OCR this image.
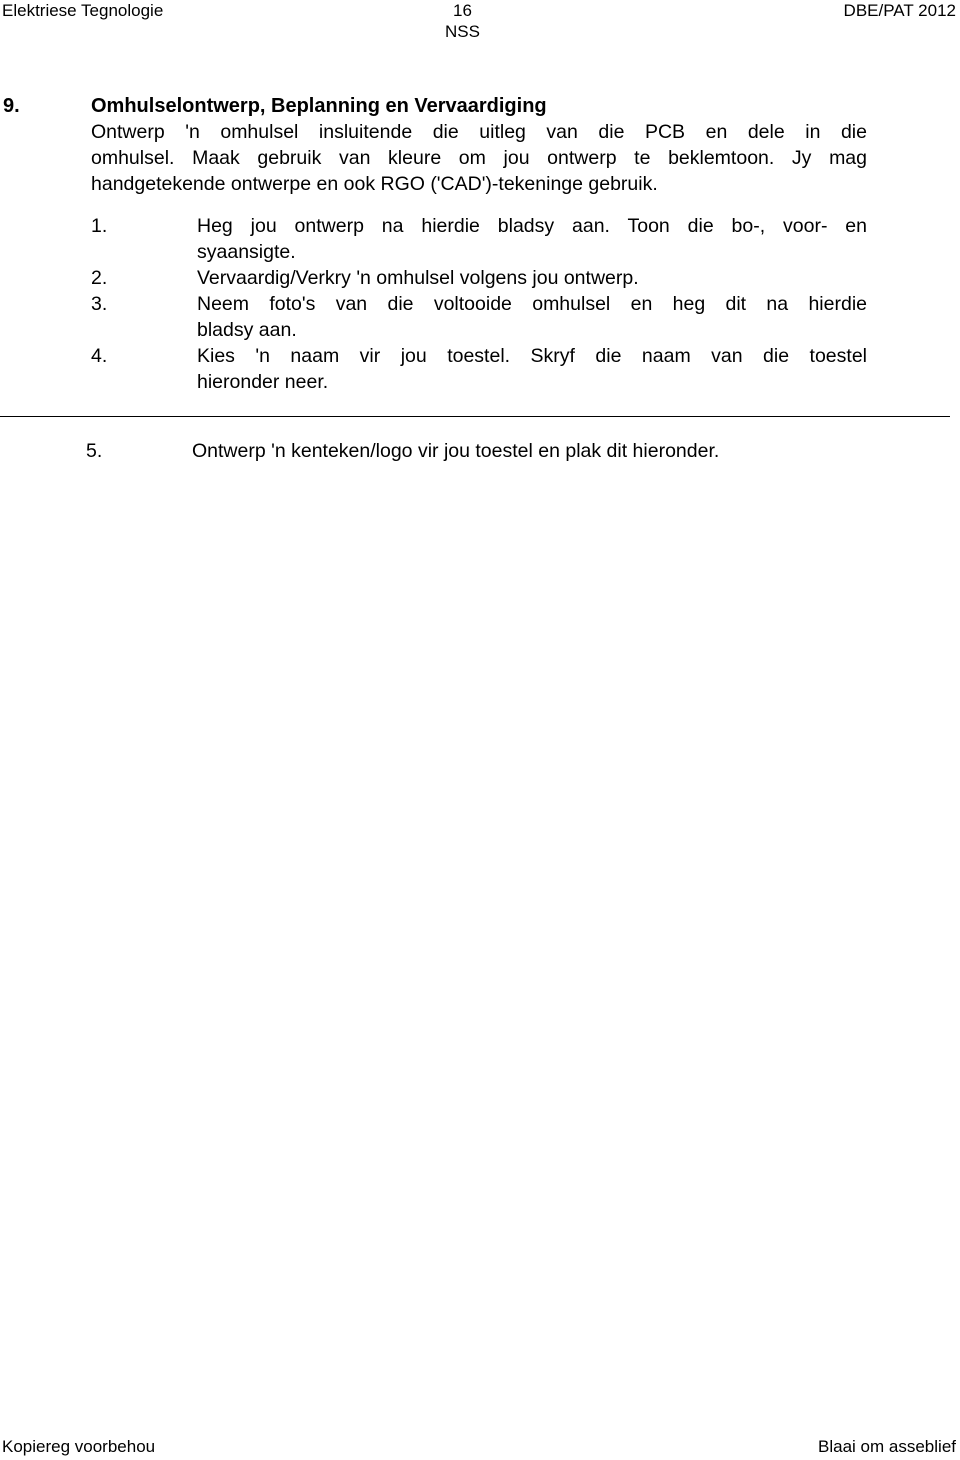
Elektriese Tegnologie	16	DBE/PAT 2012
NSS
9.	Omhulselontwerp, Beplanning en Vervaardiging
Ontwerp 'n omhulsel insluitende die uitleg van die PCB en dele in die
omhulsel. Maak gebruik van kleure om jou ontwerp te beklemtoon. Jy mag
handgetekende ontwerpe en ook RGO ('CAD')-tekeninge gebruik.
1.	Heg jou ontwerp na hierdie bladsy aan. Toon die bo-, voor- en
syaansigte.
2.	Vervaardig/Verkry 'n omhulsel volgens jou ontwerp.
3.	Neem foto's van die voltooide omhulsel en heg dit na hierdie
bladsy aan.
4.	Kies 'n naam vir jou toestel. Skryf die naam van die toestel
hieronder neer.
5.	Ontwerp 'n kenteken/logo vir jou toestel en plak dit hieronder.
Kopiereg voorbehou	Blaai om asseblief
